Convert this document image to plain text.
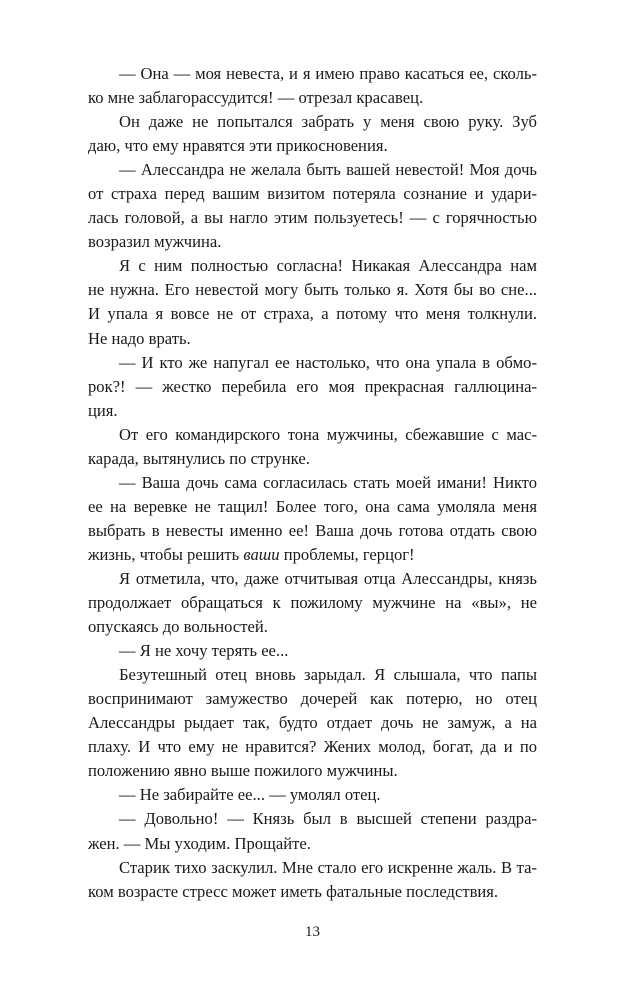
— Она — моя невеста, и я имею право касаться ее, сколь-
ко мне заблагорассудится! — отрезал красавец.
Он даже не попытался забрать у меня свою руку. Зуб
даю, что ему нравятся эти прикосновения.
— Алессандра не желала быть вашей невестой! Моя дочь
от страха перед вашим визитом потеряла сознание и удари-
лась головой, а вы нагло этим пользуетесь! — с горячностью
возразил мужчина.
Я с ним полностью согласна! Никакая Алессандра нам
не нужна. Его невестой могу быть только я. Хотя бы во сне...
И упала я вовсе не от страха, а потому что меня толкнули.
Не надо врать.
— И кто же напугал ее настолько, что она упала в обмо-
рок?! — жестко перебила его моя прекрасная галлюцина-
ция.
От его командирского тона мужчины, сбежавшие с мас-
карада, вытянулись по струнке.
— Ваша дочь сама согласилась стать моей имани! Никто
ее на веревке не тащил! Более того, она сама умоляла меня
выбрать в невесты именно ее! Ваша дочь готова отдать свою
жизнь, чтобы решить ваши проблемы, герцог!
Я отметила, что, даже отчитывая отца Алессандры, князь
продолжает обращаться к пожилому мужчине на «вы», не
опускаясь до вольностей.
— Я не хочу терять ее...
Безутешный отец вновь зарыдал. Я слышала, что папы
воспринимают замужество дочерей как потерю, но отец
Алессандры рыдает так, будто отдает дочь не замуж, а на
плаху. И что ему не нравится? Жених молод, богат, да и по
положению явно выше пожилого мужчины.
— Не забирайте ее... — умолял отец.
— Довольно! — Князь был в высшей степени раздра-
жен. — Мы уходим. Прощайте.
Старик тихо заскулил. Мне стало его искренне жаль. В та-
ком возрасте стресс может иметь фатальные последствия.
13
